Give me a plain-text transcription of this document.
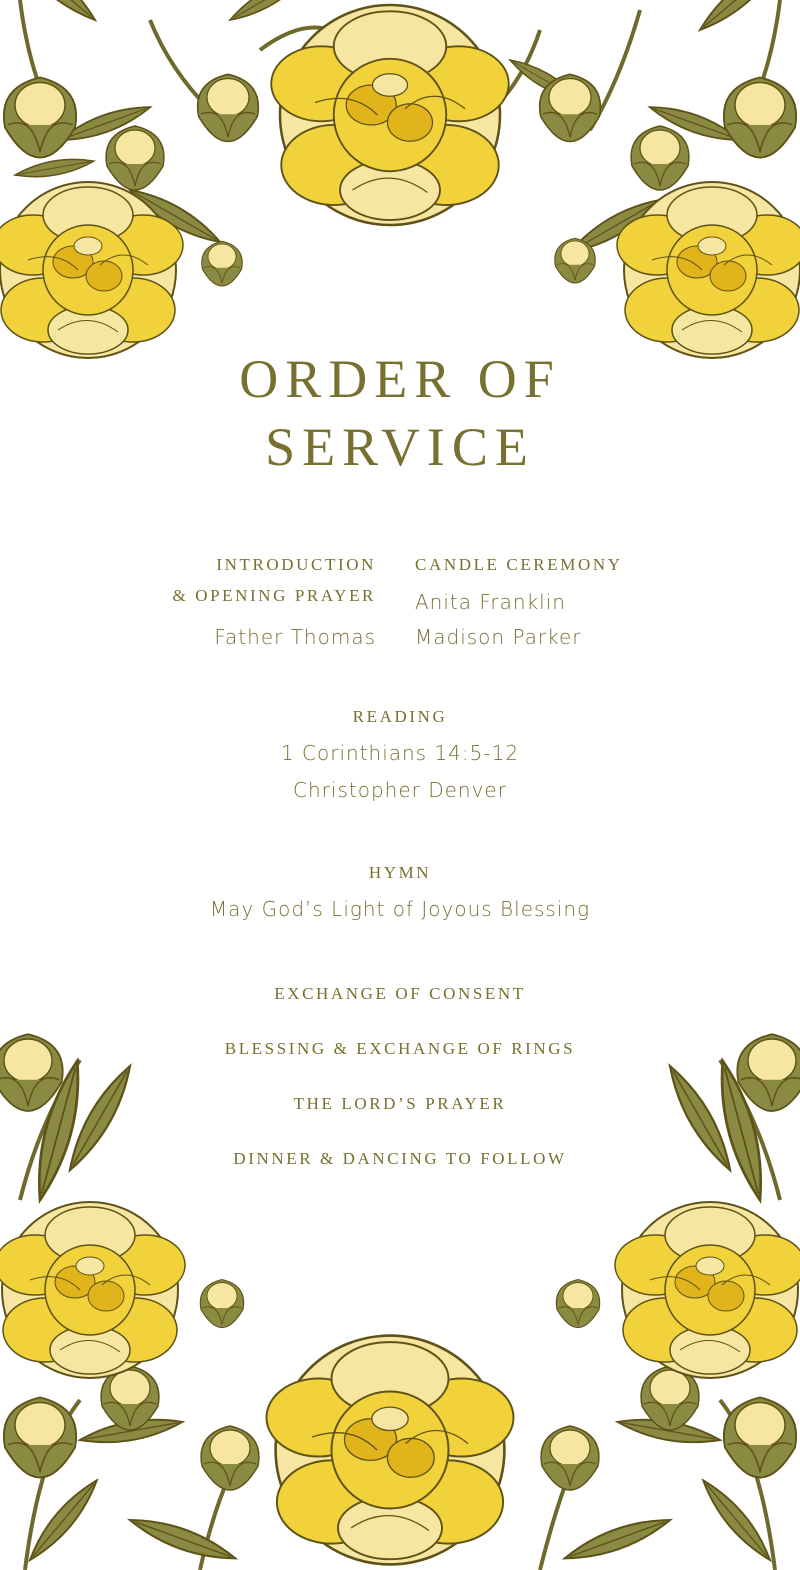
ORDER OF
SERVICE
INTRODUCTION
& OPENING PRAYER
Father Thomas
CANDLE CEREMONY
Anita Franklin
Madison Parker
READING
1 Corinthians 14:5-12
Christopher Denver
HYMN
May God’s Light of Joyous Blessing
EXCHANGE OF CONSENT
BLESSING & EXCHANGE OF RINGS
THE LORD’S PRAYER
DINNER & DANCING TO FOLLOW
